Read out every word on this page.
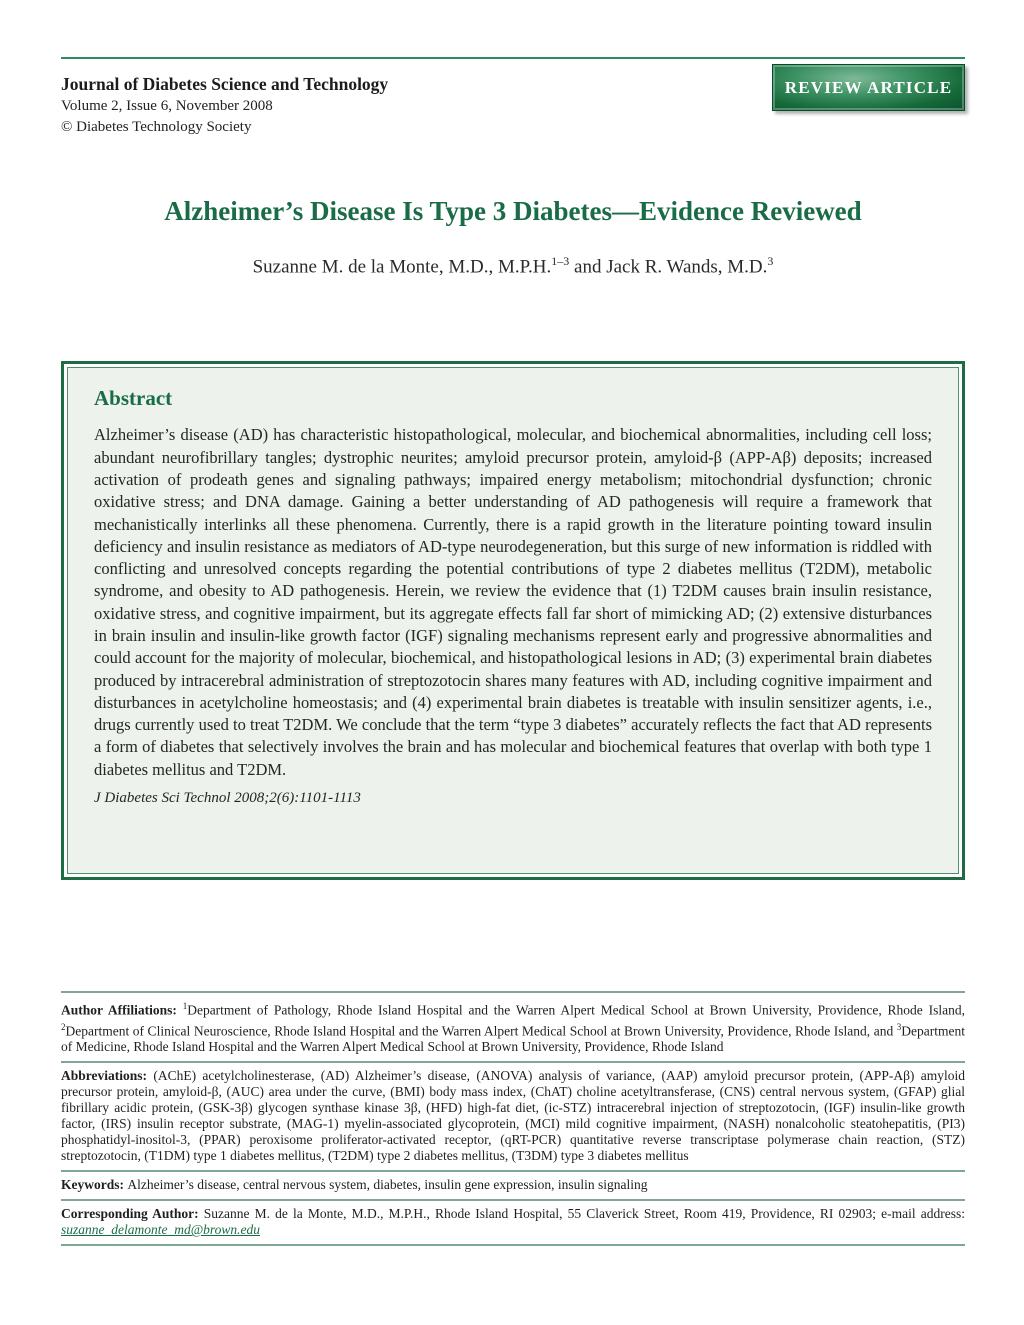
Journal of Diabetes Science and Technology
Volume 2, Issue 6, November 2008
© Diabetes Technology Society
REVIEW ARTICLE
Alzheimer’s Disease Is Type 3 Diabetes—Evidence Reviewed
Suzanne M. de la Monte, M.D., M.P.H.$^{1-3}$ and Jack R. Wands, M.D.$^3$
Abstract

Alzheimer’s disease (AD) has characteristic histopathological, molecular, and biochemical abnormalities, including cell loss; abundant neurofibrillary tangles; dystrophic neurites; amyloid precursor protein, amyloid-β (APP-Aβ) deposits; increased activation of prodeath genes and signaling pathways; impaired energy metabolism; mitochondrial dysfunction; chronic oxidative stress; and DNA damage. Gaining a better understanding of AD pathogenesis will require a framework that mechanistically interlinks all these phenomena. Currently, there is a rapid growth in the literature pointing toward insulin deficiency and insulin resistance as mediators of AD-type neurodegeneration, but this surge of new information is riddled with conflicting and unresolved concepts regarding the potential contributions of type 2 diabetes mellitus (T2DM), metabolic syndrome, and obesity to AD pathogenesis. Herein, we review the evidence that (1) T2DM causes brain insulin resistance, oxidative stress, and cognitive impairment, but its aggregate effects fall far short of mimicking AD; (2) extensive disturbances in brain insulin and insulin-like growth factor (IGF) signaling mechanisms represent early and progressive abnormalities and could account for the majority of molecular, biochemical, and histopathological lesions in AD; (3) experimental brain diabetes produced by intracerebral administration of streptozotocin shares many features with AD, including cognitive impairment and disturbances in acetylcholine homeostasis; and (4) experimental brain diabetes is treatable with insulin sensitizer agents, i.e., drugs currently used to treat T2DM. We conclude that the term “type 3 diabetes” accurately reflects the fact that AD represents a form of diabetes that selectively involves the brain and has molecular and biochemical features that overlap with both type 1 diabetes mellitus and T2DM.

J Diabetes Sci Technol 2008;2(6):1101-1113

Author Affiliations: $^1$Department of Pathology, Rhode Island Hospital and the Warren Alpert Medical School at Brown University, Providence, Rhode Island, $^2$Department of Clinical Neuroscience, Rhode Island Hospital and the Warren Alpert Medical School at Brown University, Providence, Rhode Island, and $^3$Department of Medicine, Rhode Island Hospital and the Warren Alpert Medical School at Brown University, Providence, Rhode Island

Abbreviations: (AChE) acetylcholinesterase, (AD) Alzheimer’s disease, (ANOVA) analysis of variance, (AAP) amyloid precursor protein, (APP-Aβ) amyloid precursor protein, amyloid-β, (AUC) area under the curve, (BMI) body mass index, (ChAT) choline acetyltransferase, (CNS) central nervous system, (GFAP) glial fibrillary acidic protein, (GSK-3β) glycogen synthase kinase 3β, (HFD) high-fat diet, (ic-STZ) intracerebral injection of streptozotocin, (IGF) insulin-like growth factor, (IRS) insulin receptor substrate, (MAG-1) myelin-associated glycoprotein, (MCI) mild cognitive impairment, (NASH) nonalcoholic steatohepatitis, (PI3) phosphatidyl-inositol-3, (PPAR) peroxisome proliferator-activated receptor, (qRT-PCR) quantitative reverse transcriptase polymerase chain reaction, (STZ) streptozotocin, (T1DM) type 1 diabetes mellitus, (T2DM) type 2 diabetes mellitus, (T3DM) type 3 diabetes mellitus

Keywords: Alzheimer’s disease, central nervous system, diabetes, insulin gene expression, insulin signaling

Corresponding Author: Suzanne M. de la Monte, M.D., M.P.H., Rhode Island Hospital, 55 Claverick Street, Room 419, Providence, RI 02903; e-mail address: suzanne_delamonte_md@brown.edu
